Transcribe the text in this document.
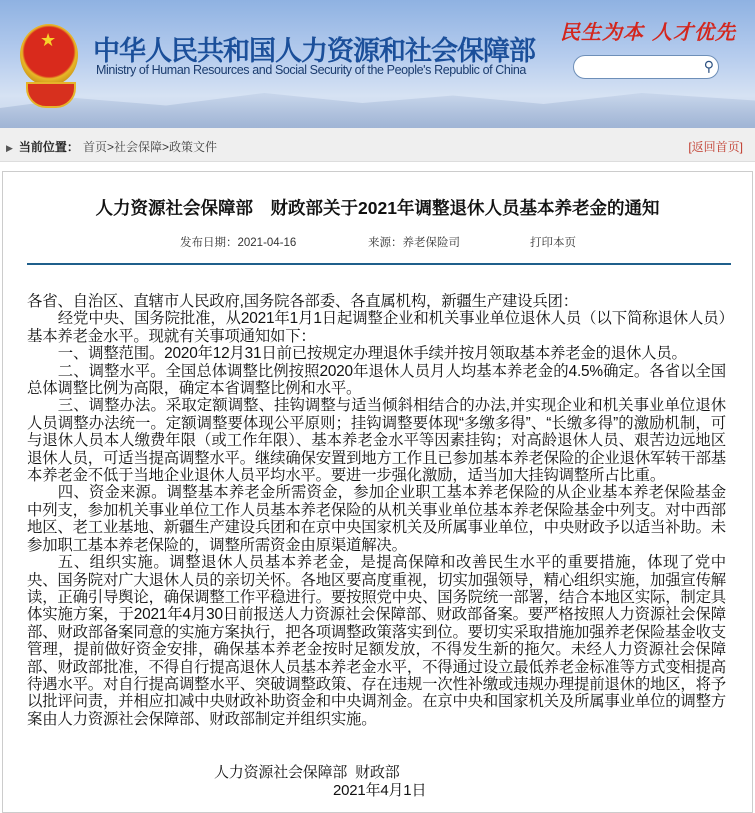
★ 中华人民共和国人力资源和社会保障部
Ministry of Human Resources and Social Security of the People's Republic of China
民生为本 人才优先
⚲
▶ 当前位置： 首页>社会保障>政策文件	[返回首页]
人力资源社会保障部　财政部关于2021年调整退休人员基本养老金的通知
发布日期：2021-04-16	来源：养老保险司	打印本页

各省、自治区、直辖市人民政府,国务院各部委、各直属机构，新疆生产建设兵团：

经党中央、国务院批准，从2021年1月1日起调整企业和机关事业单位退休人员（以下简称退休人员）基本养老金水平。现就有关事项通知如下：

一、调整范围。2020年12月31日前已按规定办理退休手续并按月领取基本养老金的退休人员。

二、调整水平。全国总体调整比例按照2020年退休人员月人均基本养老金的4.5%确定。各省以全国总体调整比例为高限，确定本省调整比例和水平。

三、调整办法。采取定额调整、挂钩调整与适当倾斜相结合的办法,并实现企业和机关事业单位退休人员调整办法统一。定额调整要体现公平原则；挂钩调整要体现“多缴多得”、“长缴多得”的激励机制，可与退休人员本人缴费年限（或工作年限）、基本养老金水平等因素挂钩；对高龄退休人员、艰苦边远地区退休人员，可适当提高调整水平。继续确保安置到地方工作且已参加基本养老保险的企业退休军转干部基本养老金不低于当地企业退休人员平均水平。要进一步强化激励，适当加大挂钩调整所占比重。

四、资金来源。调整基本养老金所需资金，参加企业职工基本养老保险的从企业基本养老保险基金中列支，参加机关事业单位工作人员基本养老保险的从机关事业单位基本养老保险基金中列支。对中西部地区、老工业基地、新疆生产建设兵团和在京中央国家机关及所属事业单位，中央财政予以适当补助。未参加职工基本养老保险的，调整所需资金由原渠道解决。

五、组织实施。调整退休人员基本养老金，是提高保障和改善民生水平的重要措施，体现了党中央、国务院对广大退休人员的亲切关怀。各地区要高度重视，切实加强领导，精心组织实施，加强宣传解读，正确引导舆论，确保调整工作平稳进行。要按照党中央、国务院统一部署，结合本地区实际，制定具体实施方案，于2021年4月30日前报送人力资源社会保障部、财政部备案。要严格按照人力资源社会保障部、财政部备案同意的实施方案执行，把各项调整政策落实到位。要切实采取措施加强养老保险基金收支管理，提前做好资金安排，确保基本养老金按时足额发放，不得发生新的拖欠。未经人力资源社会保障部、财政部批准，不得自行提高退休人员基本养老金水平，不得通过设立最低养老金标准等方式变相提高待遇水平。对自行提高调整水平、突破调整政策、存在违规一次性补缴或违规办理提前退休的地区，将予以批评问责，并相应扣减中央财政补助资金和中央调剂金。在京中央和国家机关及所属事业单位的调整方案由人力资源社会保障部、财政部制定并组织实施。

人力资源社会保障部  财政部
2021年4月1日
